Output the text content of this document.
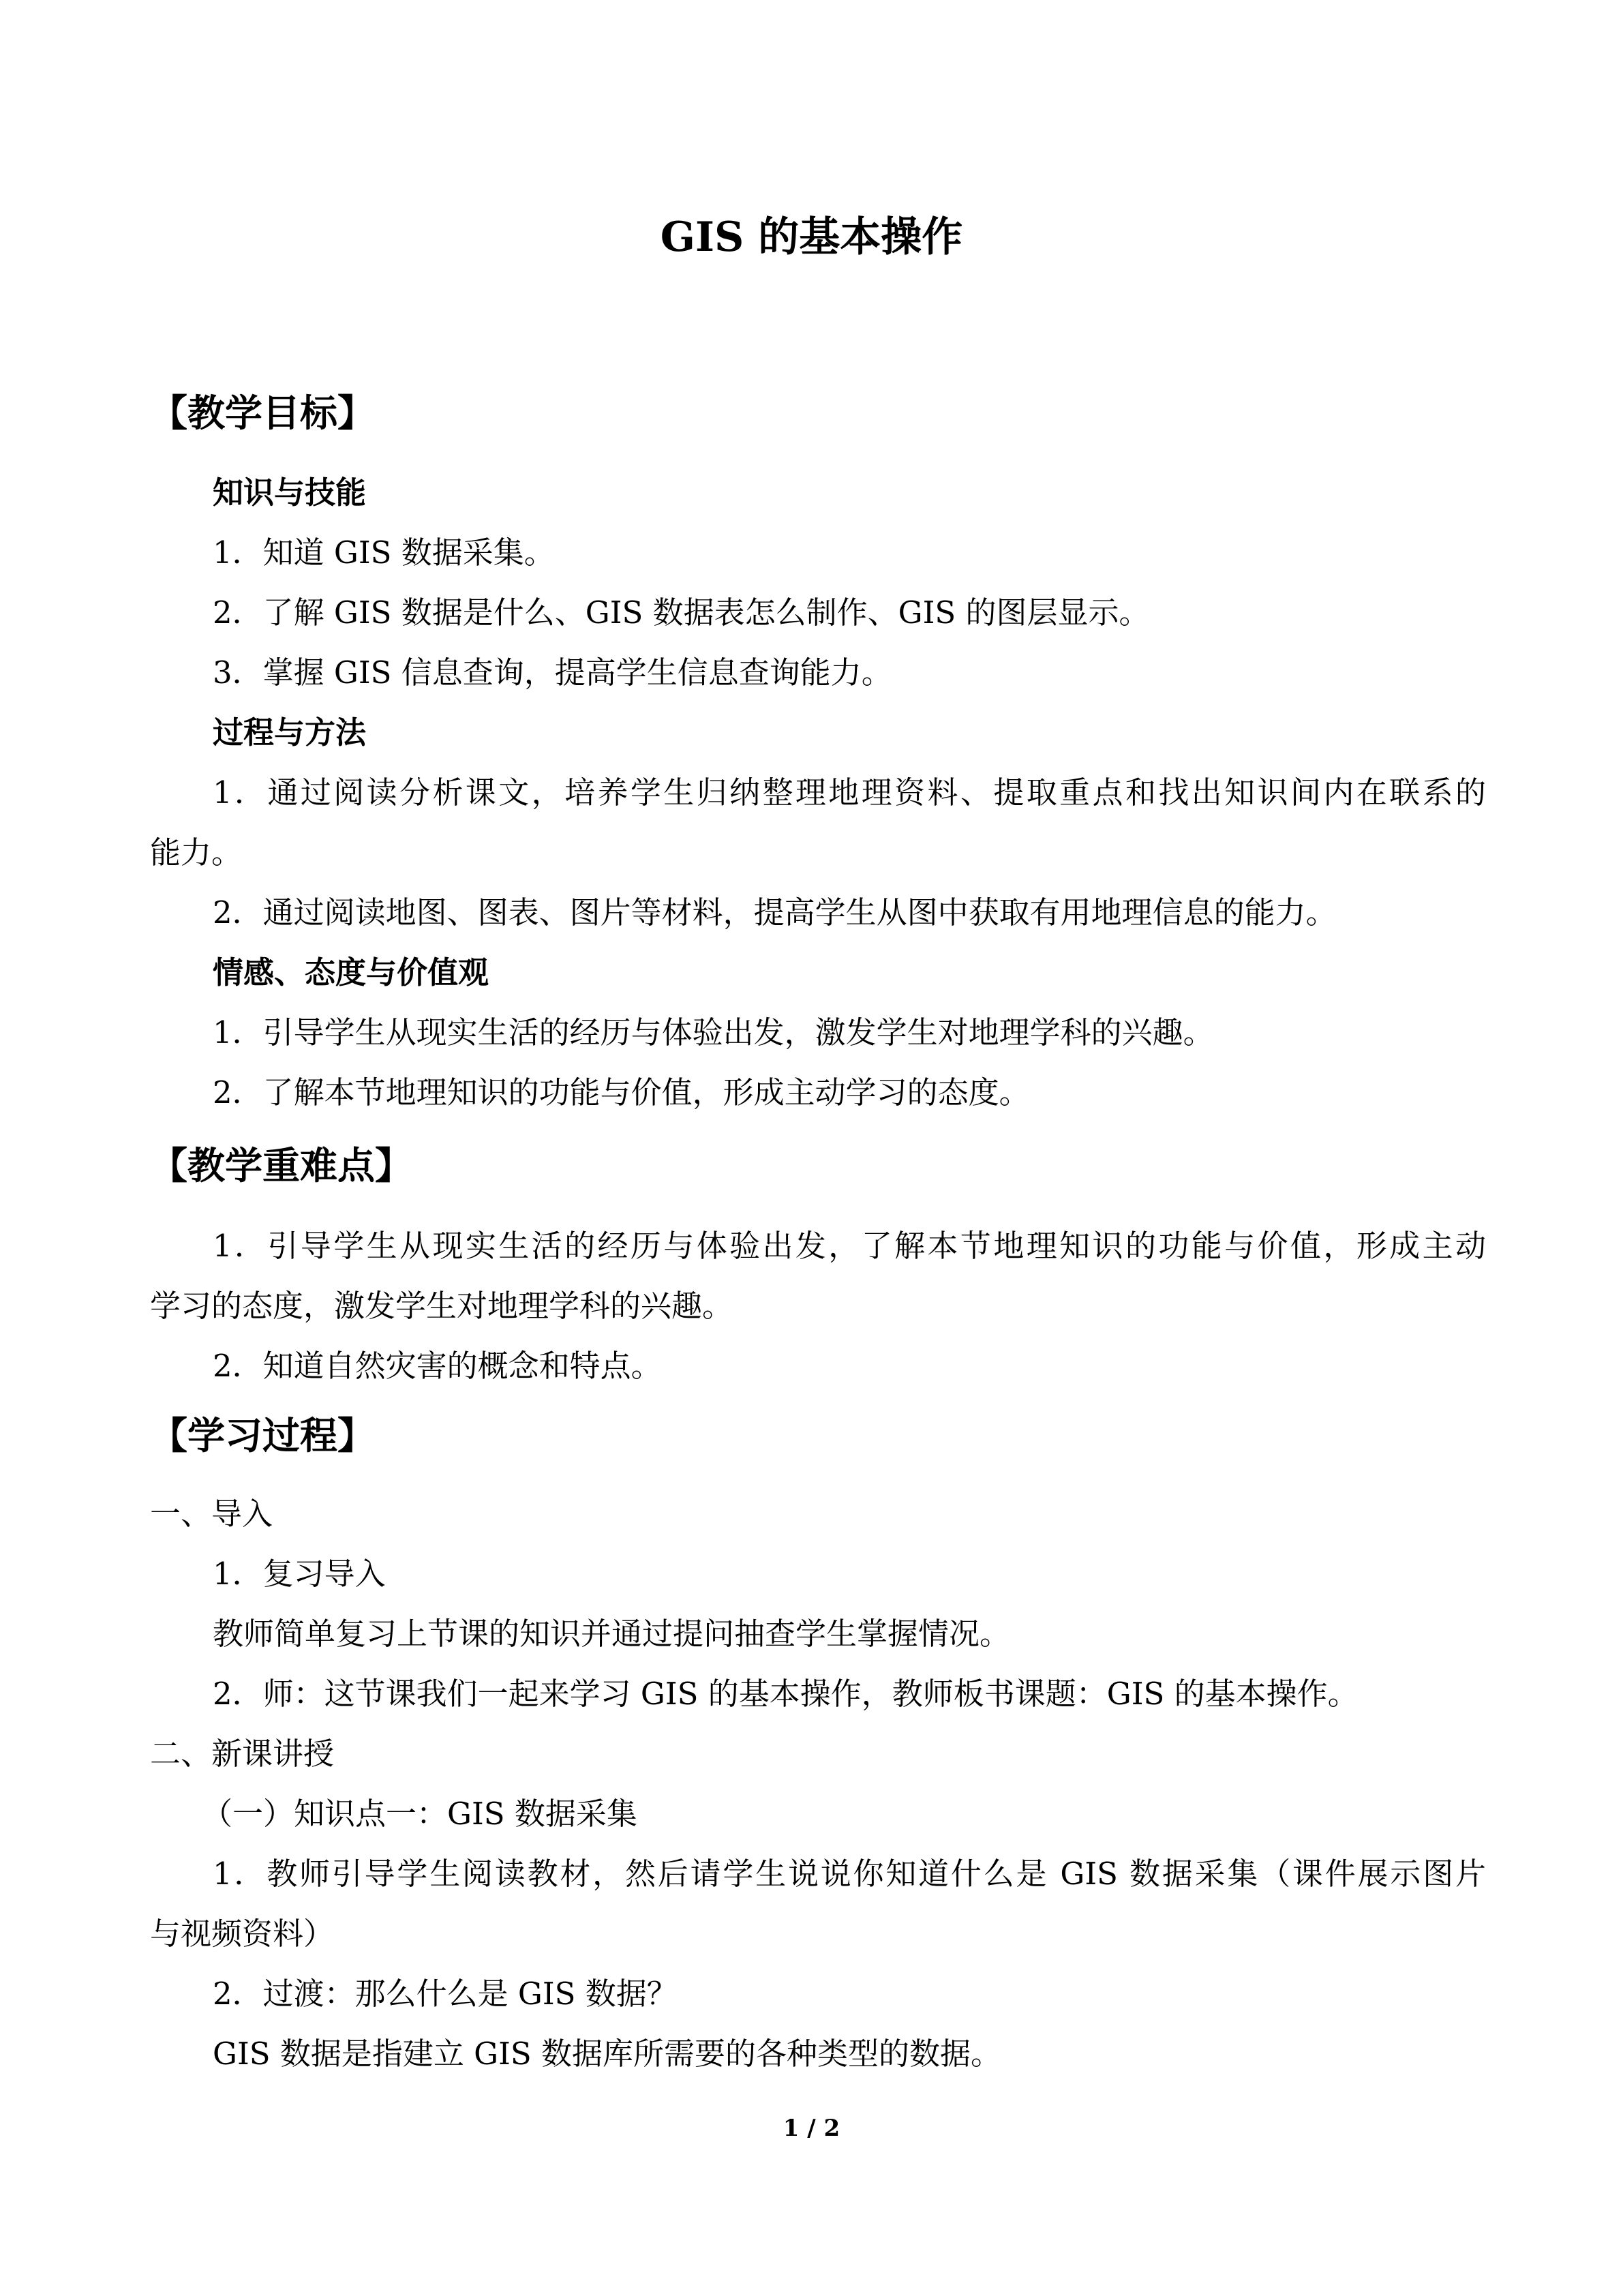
GIS 的基本操作
【教学目标】
知识与技能
1．知道 GIS 数据采集。
2．了解 GIS 数据是什么、GIS 数据表怎么制作、GIS 的图层显示。
3．掌握 GIS 信息查询，提高学生信息查询能力。
过程与方法
1．通过阅读分析课文，培养学生归纳整理地理资料、提取重点和找出知识间内在联系的
能力。
2．通过阅读地图、图表、图片等材料，提高学生从图中获取有用地理信息的能力。
情感、态度与价值观
1．引导学生从现实生活的经历与体验出发，激发学生对地理学科的兴趣。
2．了解本节地理知识的功能与价值，形成主动学习的态度。
【教学重难点】
1．引导学生从现实生活的经历与体验出发，了解本节地理知识的功能与价值，形成主动
学习的态度，激发学生对地理学科的兴趣。
2．知道自然灾害的概念和特点。
【学习过程】
一、导入
1．复习导入
教师简单复习上节课的知识并通过提问抽查学生掌握情况。
2．师：这节课我们一起来学习 GIS 的基本操作，教师板书课题：GIS 的基本操作。
二、新课讲授
（一）知识点一：GIS 数据采集
1．教师引导学生阅读教材，然后请学生说说你知道什么是 GIS 数据采集（课件展示图片
与视频资料）
2．过渡：那么什么是 GIS 数据？
GIS 数据是指建立 GIS 数据库所需要的各种类型的数据。
1 / 2
